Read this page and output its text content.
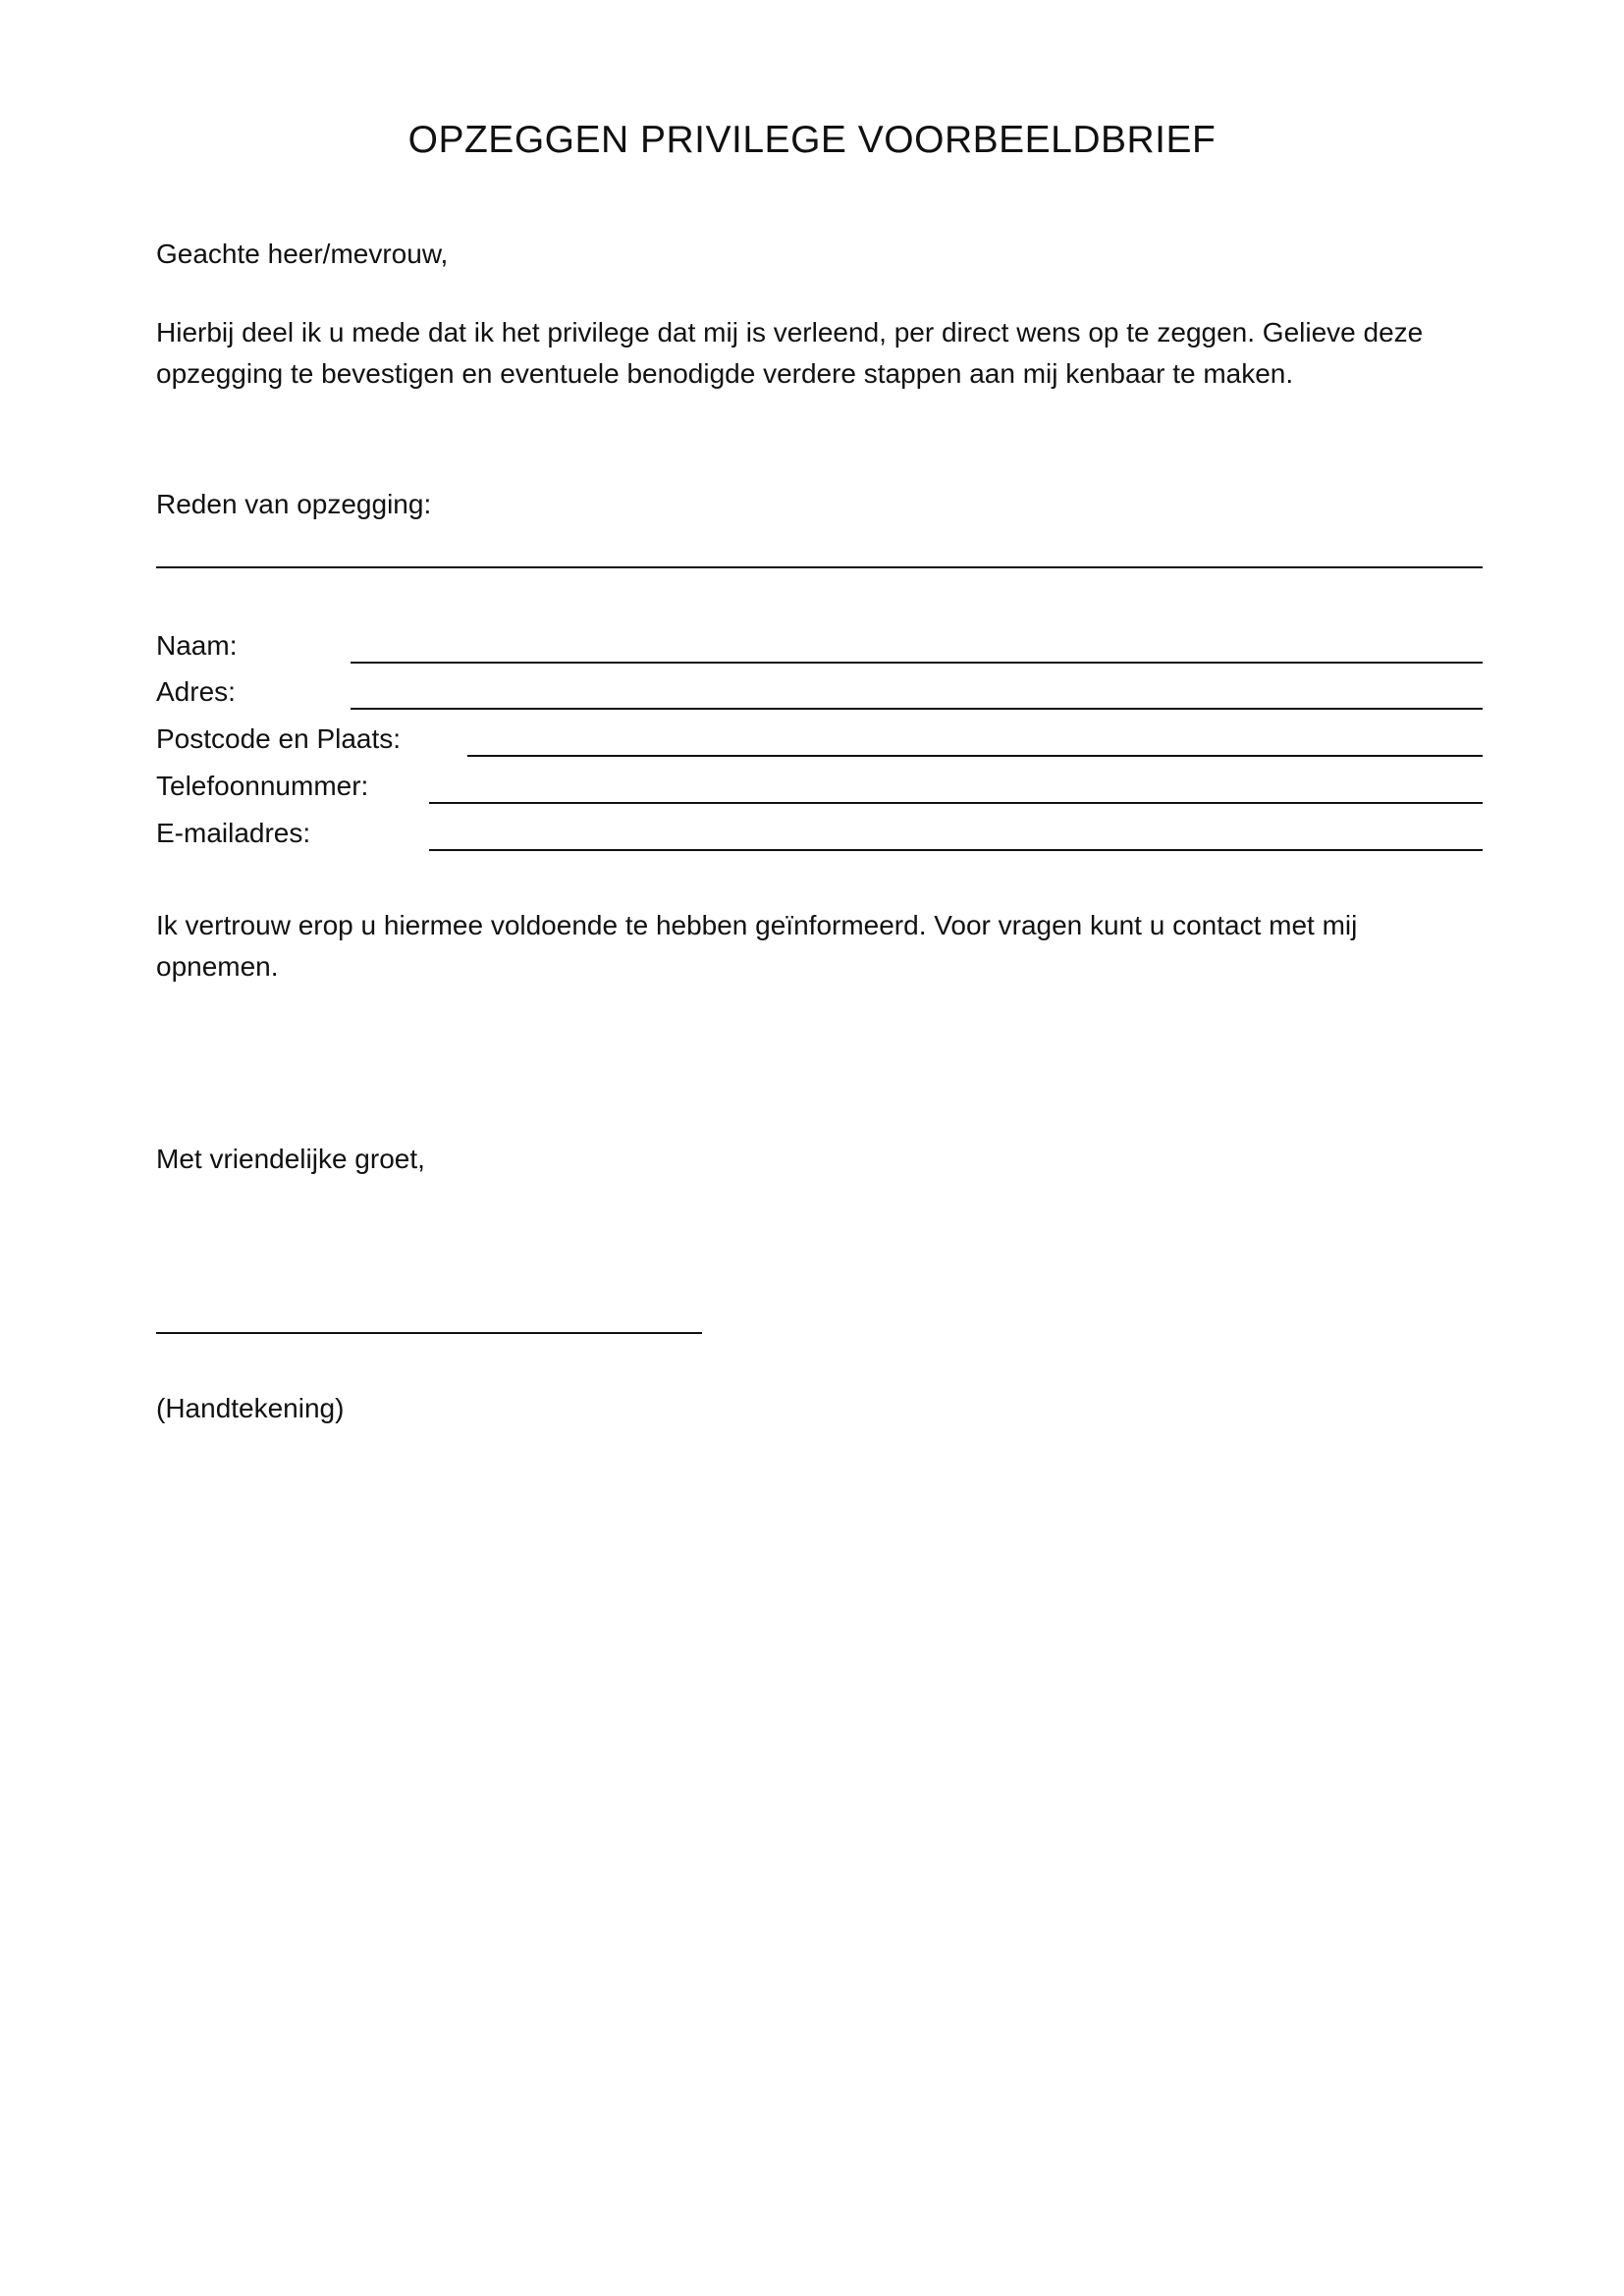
OPZEGGEN PRIVILEGE VOORBEELDBRIEF

Geachte heer/mevrouw,

Hierbij deel ik u mede dat ik het privilege dat mij is verleend, per direct wens op te zeggen. Gelieve deze opzegging te bevestigen en eventuele benodigde verdere stappen aan mij kenbaar te maken.

Reden van opzegging:

Naam:
Adres:
Postcode en Plaats:
Telefoonnummer:
E-mailadres:

Ik vertrouw erop u hiermee voldoende te hebben geïnformeerd. Voor vragen kunt u contact met mij opnemen.

Met vriendelijke groet,

(Handtekening)
